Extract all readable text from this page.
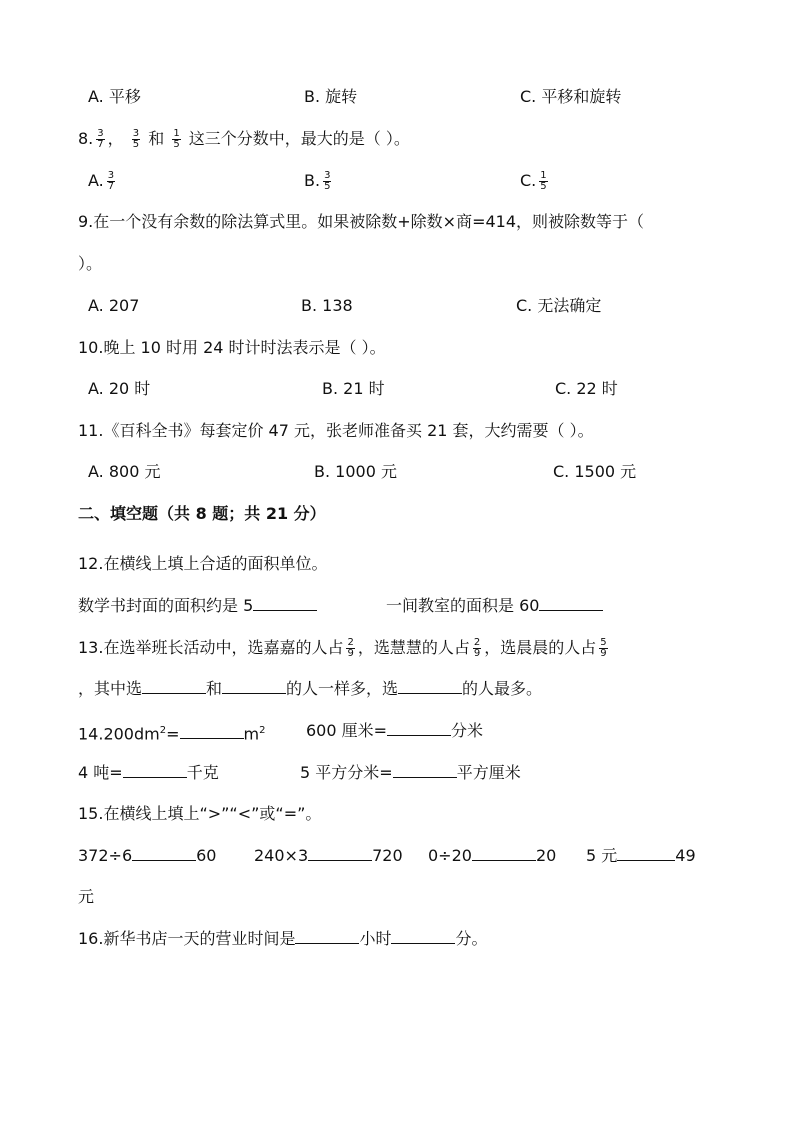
A. 平移	B. 旋转	C. 平移和旋转
8. $\frac{3}{7}$ ， $\frac{3}{5}$ 和 $\frac{1}{5}$ 这三个分数中，最大的是（ ）。
A. $\frac{3}{7}$	B. $\frac{3}{5}$	C. $\frac{1}{5}$
9.在一个没有余数的除法算式里。如果被除数+除数×商=414，则被除数等于（
）。
A. 207	B. 138	C. 无法确定
10.晚上 10 时用 24 时计时法表示是（ ）。
A. 20 时	B. 21 时	C. 22 时
11.《百科全书》每套定价 47 元，张老师准备买 21 套，大约需要（ ）。
A. 800 元	B. 1000 元	C. 1500 元
二、填空题（共 8 题；共 21 分）
12.在横线上填上合适的面积单位。
数学书封面的面积约是 5	一间教室的面积是 60
13.在选举班长活动中，选嘉嘉的人占 $\frac{2}{9}$ ，选慧慧的人占 $\frac{2}{9}$ ，选晨晨的人占 $\frac{5}{9}$
，其中选	和	的人一样多，选	的人最多。
$14.200dm^2=$	$m^2$	600 厘米=	分米
4 吨=	千克	5 平方分米=	平方厘米
15.在横线上填上“>”“<”或“=”。
372÷6	60 240×3	720 0÷20	20 5 元	49
元
16.新华书店一天的营业时间是	小时	分。
